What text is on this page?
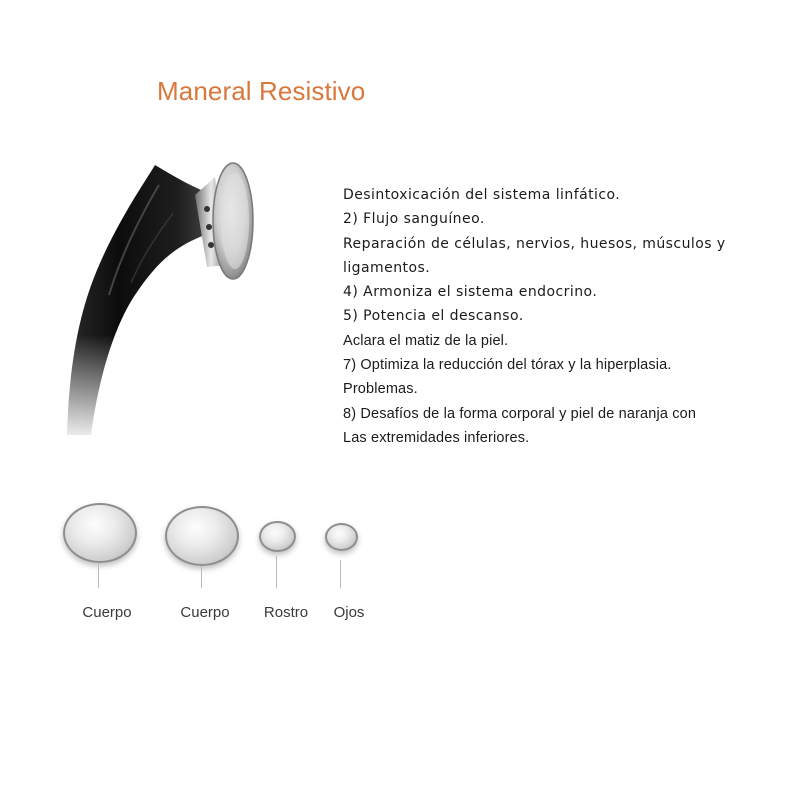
Maneral Resistivo
Desintoxicación del sistema linfático.
2) Flujo sanguíneo.
Reparación de células, nervios, huesos, músculos y
ligamentos.
4) Armoniza el sistema endocrino.
5) Potencia el descanso.
Aclara el matiz de la piel.
7) Optimiza la reducción del tórax y la hiperplasia.
Problemas.
8) Desafíos de la forma corporal y piel de naranja con
Las extremidades inferiores.
Cuerpo	Cuerpo Rostro Ojos
